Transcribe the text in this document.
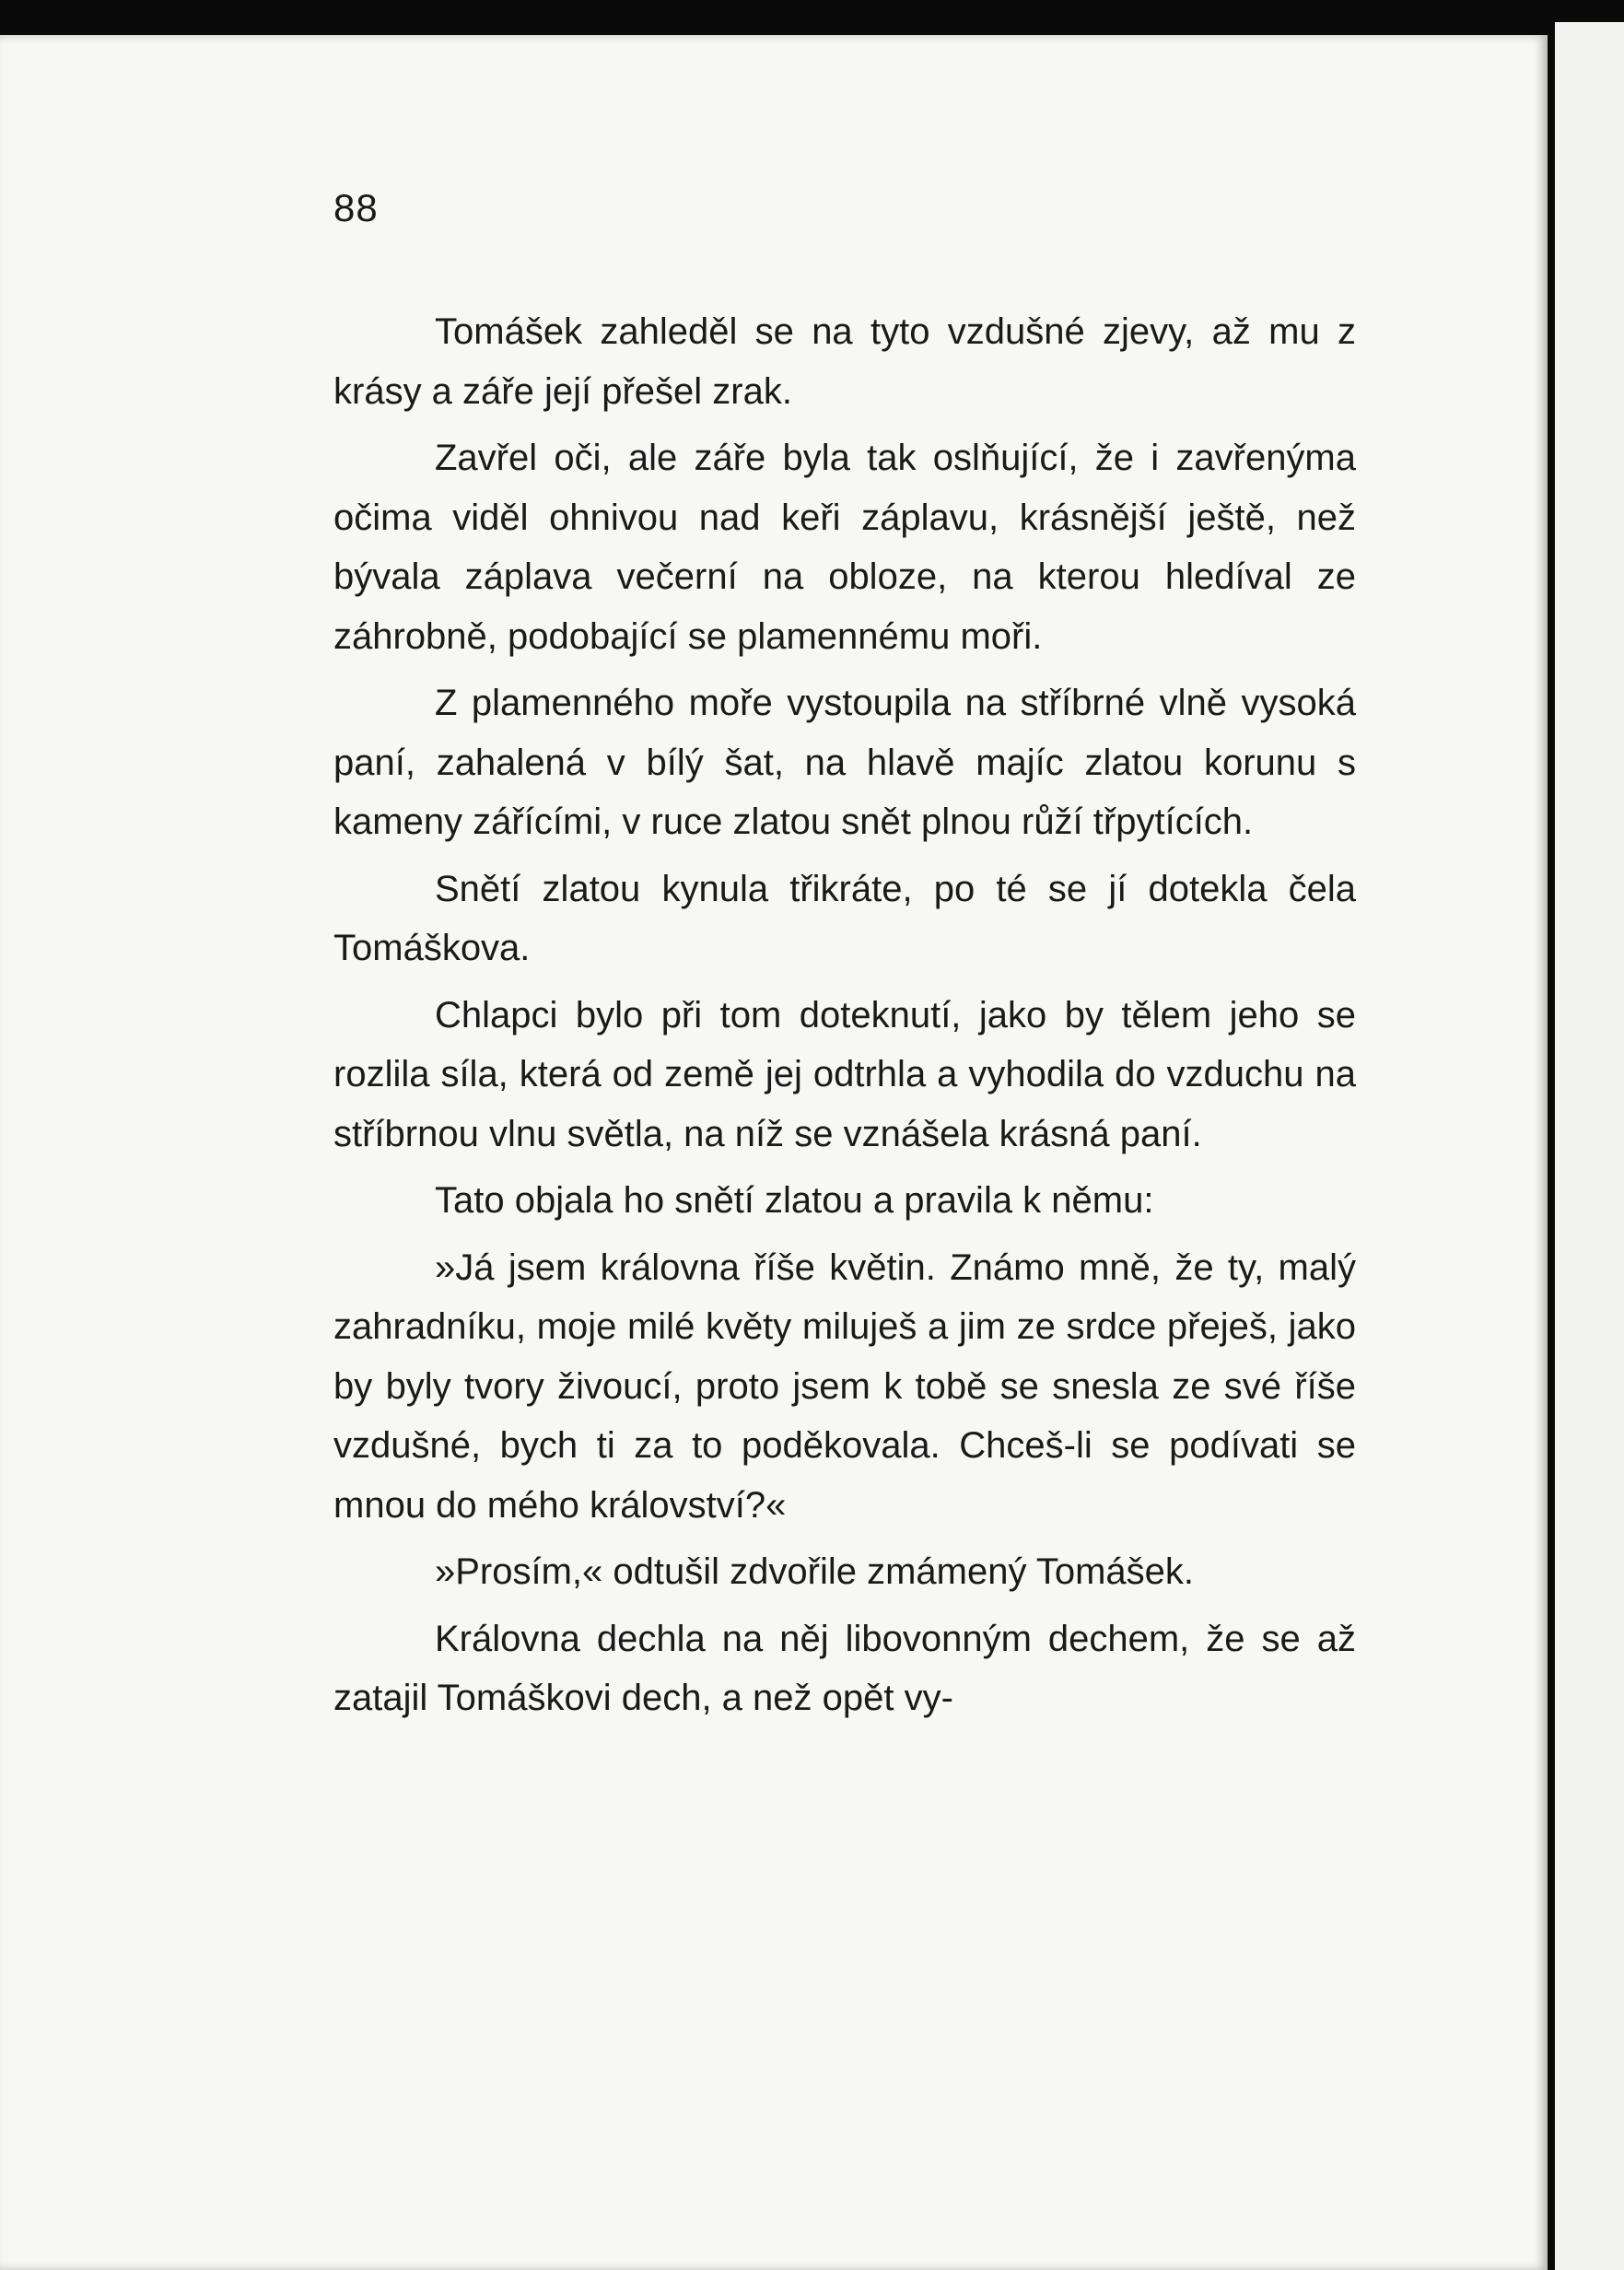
88

Tomášek zahleděl se na tyto vzdušné zjevy, až mu z krásy a záře její přešel zrak.

Zavřel oči, ale záře byla tak oslňující, že i zavřenýma očima viděl ohnivou nad keři záplavu, krásnější ještě, než bývala záplava večerní na obloze, na kterou hledíval ze záhrobně, podobající se plamennému moři.

Z plamenného moře vystoupila na stříbrné vlně vysoká paní, zahalená v bílý šat, na hlavě majíc zlatou korunu s kameny zářícími, v ruce zlatou snět plnou růží třpytících.

Snětí zlatou kynula třikráte, po té se jí dotekla čela Tomáškova.

Chlapci bylo při tom doteknutí, jako by tělem jeho se rozlila síla, která od země jej odtrhla a vyhodila do vzduchu na stříbrnou vlnu světla, na níž se vznášela krásná paní.

Tato objala ho snětí zlatou a pravila k němu:

»Já jsem královna říše květin. Známo mně, že ty, malý zahradníku, moje milé květy miluješ a jim ze srdce přeješ, jako by byly tvory živoucí, proto jsem k tobě se snesla ze své říše vzdušné, bych ti za to poděkovala. Chceš-li se podívati se mnou do mého království?«

»Prosím,« odtušil zdvořile zmámený Tomášek.

Královna dechla na něj libovonným dechem, že se až zatajil Tomáškovi dech, a než opět vy-
